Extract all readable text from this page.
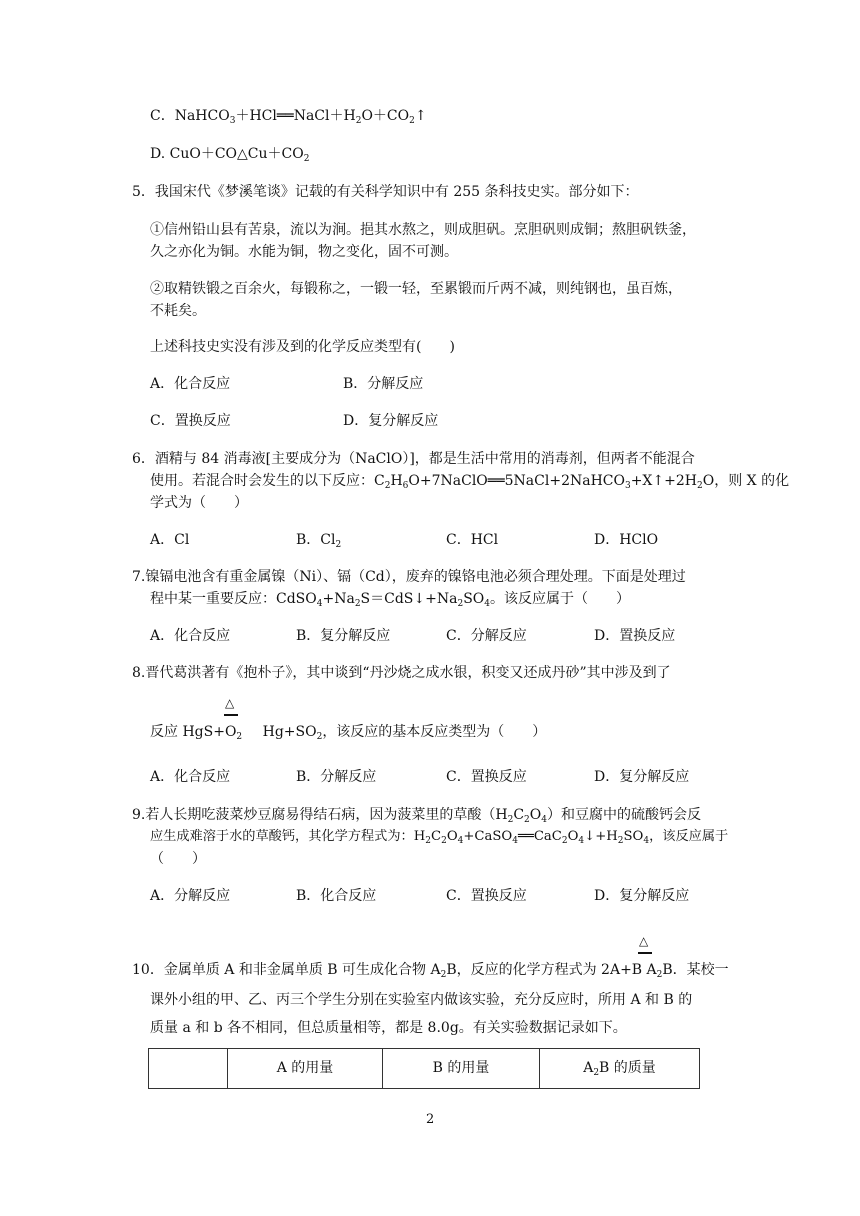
C．$NaHCO_3+HCl══NaCl+H_2O+CO_2↑$
D. $CuO+CO\triangle Cu+CO_2$
5．我国宋代《梦溪笔谈》记载的有关科学知识中有 255 条科技史实。部分如下：
①信州铅山县有苦泉，流以为涧。挹其水熬之，则成胆矾。烹胆矾则成铜；熬胆矾铁釜，
久之亦化为铜。水能为铜，物之变化，固不可测。
②取精铁锻之百余火，每锻称之，一锻一轻，至累锻而斤两不减，则纯钢也，虽百炼，
不耗矣。
上述科技史实没有涉及到的化学反应类型有(　　)
A．化合反应	B．分解反应
C．置换反应	D．复分解反应
6．酒精与 84 消毒液[主要成分为（NaClO）]，都是生活中常用的消毒剂，但两者不能混合
使用。若混合时会发生的以下反应：$C_2H_6O+7NaClO══5NaCl+2NaHCO_3+X↑+2H_2O$，则 X 的化
学式为（　　）
A．Cl	B．$Cl_2$	C．HCl	D．HClO
7.镍镉电池含有重金属镍（Ni）、镉（Cd），废弃的镍铬电池必须合理处理。下面是处理过
程中某一重要反应：$CdSO_4+Na_2S=CdS↓+Na_2SO_4$。该反应属于（　　）
A．化合反应	B．复分解反应	C．分解反应	D．置换反应
8.晋代葛洪著有《抱朴子》，其中谈到“丹沙烧之成水银，积变又还成丹砂”其中涉及到了
△
反应 $HgS+O_2$ $Hg+SO_2$，该反应的基本反应类型为（　　）
A．化合反应	B．分解反应	C．置换反应	D．复分解反应
9.若人长期吃菠菜炒豆腐易得结石病，因为菠菜里的草酸$(H_2C_2O_4)$和豆腐中的硫酸钙会反
应生成难溶于水的草酸钙，其化学方程式为：$H_2C_2O_4+CaSO_4══CaC_2O_4↓+H_2SO_4$，该反应属于
（　　）
A．分解反应	B．化合反应	C．置换反应	D．复分解反应
△
10．金属单质 A 和非金属单质 B 可生成化合物 $A_2B$，反应的化学方程式为 2A+B $A_2B$．某校一
课外小组的甲、乙、丙三个学生分别在实验室内做该实验，充分反应时，所用 A 和 B 的
质量 a 和 b 各不相同，但总质量相等，都是 8.0g。有关实验数据记录如下。
	A 的用量	B 的用量	$A_2B$ 的质量
2
